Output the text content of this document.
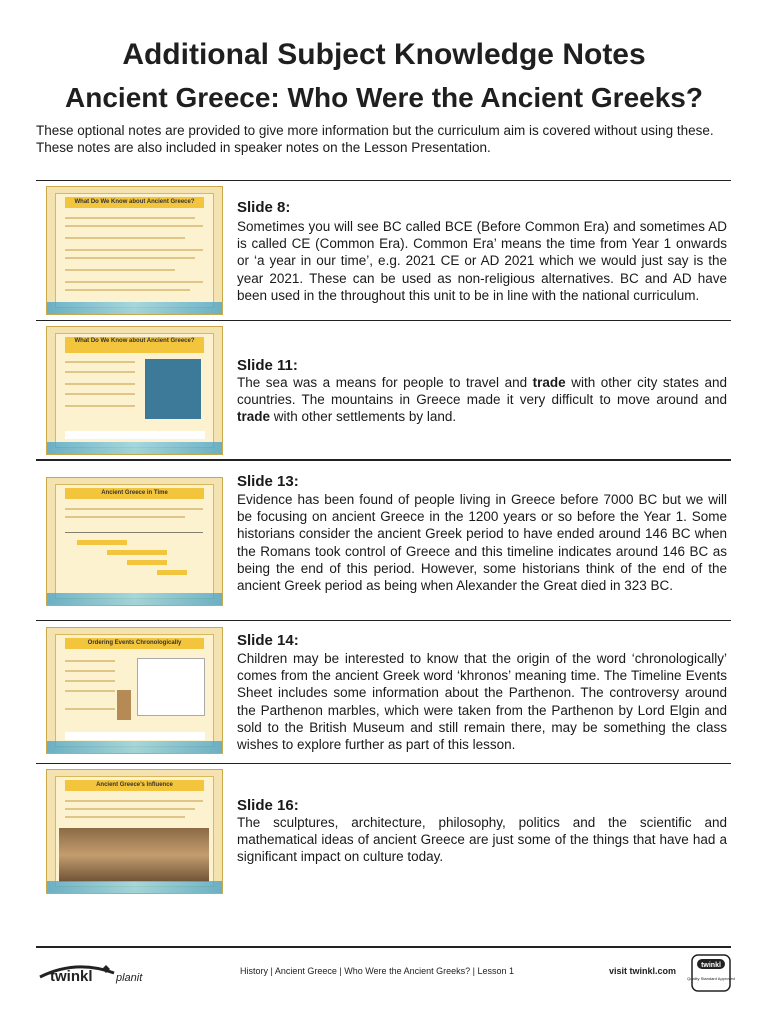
Additional Subject Knowledge Notes
Ancient Greece: Who Were the Ancient Greeks?
These optional notes are provided to give more information but the curriculum aim is covered without using these. These notes are also included in speaker notes on the Lesson Presentation.
What Do We Know about Ancient Greece?	Slide 8:
Sometimes you will see BC called BCE (Before Common Era) and sometimes AD is called CE (Common Era). Common Era’ means the time from Year 1 onwards or ‘a year in our time’, e.g. 2021 CE or AD 2021 which we would just say is the year 2021. These can be used as non-religious alternatives. BC and AD have been used in the throughout this unit to be in line with the national curriculum.
What Do We Know about Ancient Greece?
Slide 11:
The sea was a means for people to travel and trade with other city states and countries. The mountains in Greece made it very difficult to move around and trade with other settlements by land.
Ancient Greece in Time
Slide 13:
Evidence has been found of people living in Greece before 7000 BC but we will be focusing on ancient Greece in the 1200 years or so before the Year 1. Some historians consider the ancient Greek period to have ended around 146 BC when the Romans took control of Greece and this timeline indicates around 146 BC as being the end of this period. However, some historians think of the end of the ancient Greek period as being when Alexander the Great died in 323 BC.
Ordering Events Chronologically	Slide 14:
Children may be interested to know that the origin of the word ‘chronologically’ comes from the ancient Greek word ‘khronos’ meaning time. The Timeline Events Sheet includes some information about the Parthenon. The controversy around the Parthenon marbles, which were taken from the Parthenon by Lord Elgin and sold to the British Museum and still remain there, may be something the class wishes to explore further as part of this lesson.
Ancient Greece’s Influence
Slide 16:
The sculptures, architecture, philosophy, politics and the scientific and mathematical ideas of ancient Greece are just some of the things that have had a significant impact on culture today.
twinkl planit
History | Ancient Greece | Who Were the Ancient Greeks? | Lesson 1	visit twinkl.com
twinkl
Quality Standard Approved
